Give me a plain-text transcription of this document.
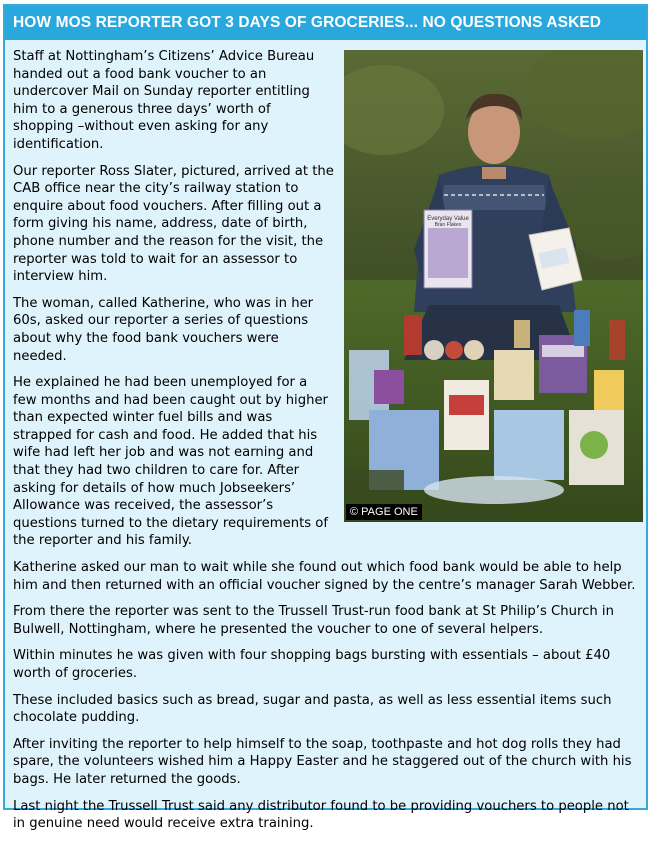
HOW MOS REPORTER GOT 3 DAYS OF GROCERIES... NO QUESTIONS ASKED
Everyday Value
Bran Flakes
© PAGE ONE

Staff at Nottingham’s Citizens’ Advice Bureau handed out a food bank voucher to an undercover Mail on Sunday reporter entitling him to a generous three days’ worth of shopping –without even asking for any identification.

Our reporter Ross Slater, pictured, arrived at the CAB office near the city’s railway station to enquire about food vouchers. After filling out a form giving his name, address, date of birth, phone number and the reason for the visit, the reporter was told to wait for an assessor to interview him.

The woman, called Katherine, who was in her 60s, asked our reporter a series of questions about why the food bank vouchers were needed.

He explained he had been unemployed for a few months and had been caught out by higher than expected winter fuel bills and was strapped for cash and food. He added that his wife had left her job and was not earning and that they had two children to care for. After asking for details of how much Jobseekers’ Allowance was received, the assessor’s questions turned to the dietary requirements of the reporter and his family.

Katherine asked our man to wait while she found out which food bank would be able to help him and then returned with an official voucher signed by the centre’s manager Sarah Webber.

From there the reporter was sent to the Trussell Trust-run food bank at St Philip’s Church in Bulwell, Nottingham, where he presented the voucher to one of several helpers.

Within minutes he was given with four shopping bags bursting with essentials – about £40 worth of groceries.

These included basics such as bread, sugar and pasta, as well as less essential items such chocolate pudding.

After inviting the reporter to help himself to the soap, toothpaste and hot dog rolls they had spare, the volunteers wished him a Happy Easter and he staggered out of the church with his bags. He later returned the goods.

Last night the Trussell Trust said any distributor found to be providing vouchers to people not in genuine need would receive extra training.
